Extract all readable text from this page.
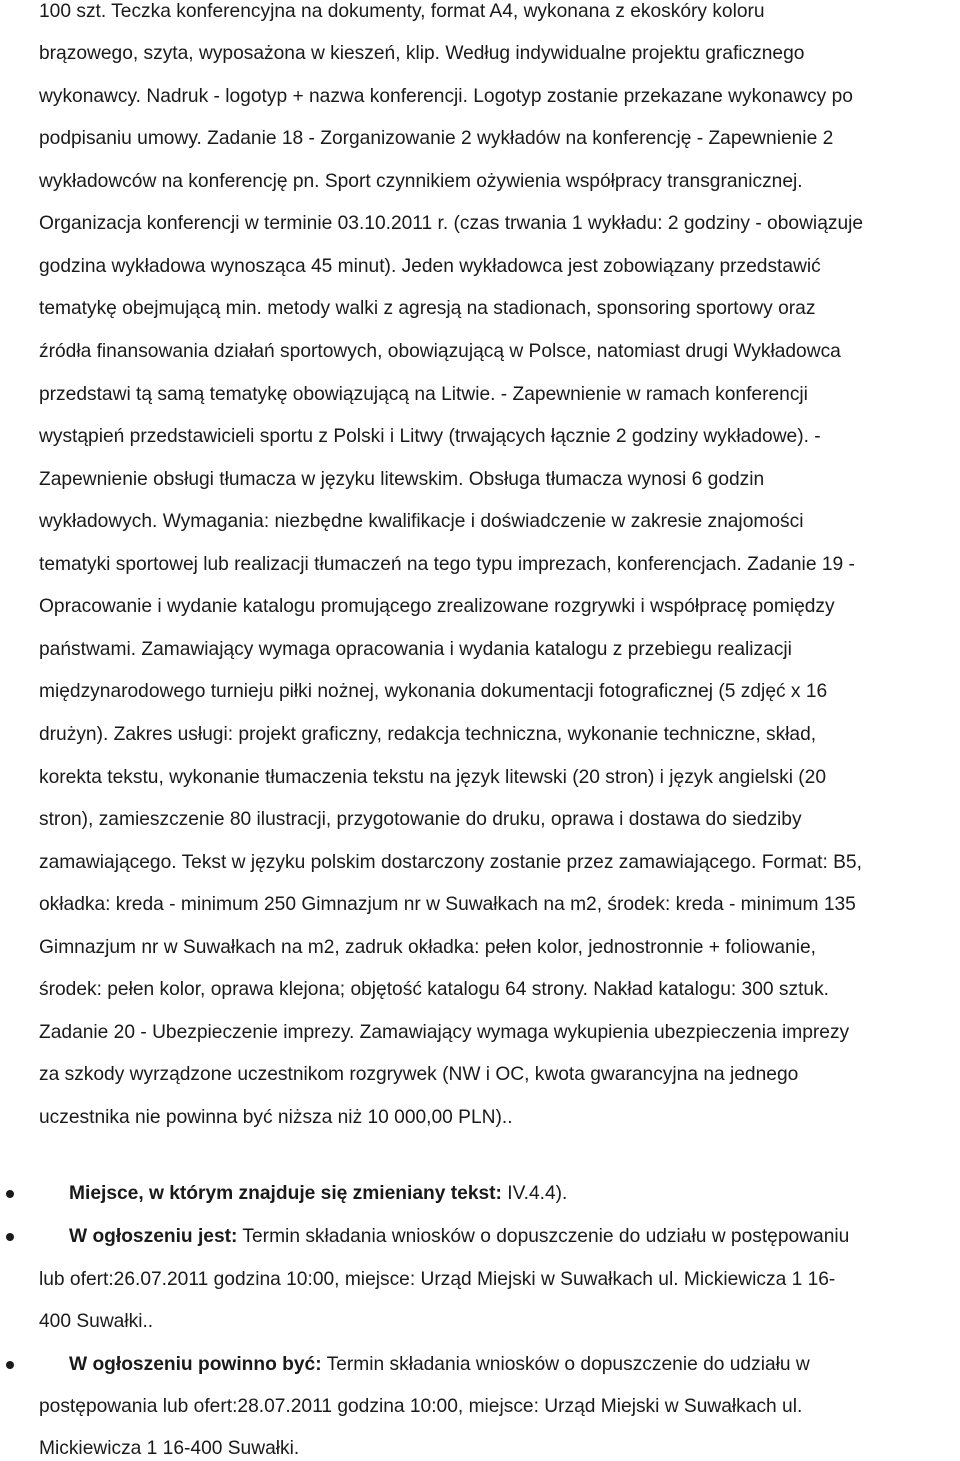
100 szt. Teczka konferencyjna na dokumenty, format A4, wykonana z ekoskóry koloru
brązowego, szyta, wyposażona w kieszeń, klip. Według indywidualne projektu graficznego
wykonawcy. Nadruk - logotyp + nazwa konferencji. Logotyp zostanie przekazane wykonawcy po
podpisaniu umowy. Zadanie 18 - Zorganizowanie 2 wykładów na konferencję - Zapewnienie 2
wykładowców na konferencję pn. Sport czynnikiem ożywienia współpracy transgranicznej.
Organizacja konferencji w terminie 03.10.2011 r. (czas trwania 1 wykładu: 2 godziny - obowiązuje
godzina wykładowa wynosząca 45 minut). Jeden wykładowca jest zobowiązany przedstawić
tematykę obejmującą min. metody walki z agresją na stadionach, sponsoring sportowy oraz
źródła finansowania działań sportowych, obowiązującą w Polsce, natomiast drugi Wykładowca
przedstawi tą samą tematykę obowiązującą na Litwie. - Zapewnienie w ramach konferencji
wystąpień przedstawicieli sportu z Polski i Litwy (trwających łącznie 2 godziny wykładowe). -
Zapewnienie obsługi tłumacza w języku litewskim. Obsługa tłumacza wynosi 6 godzin
wykładowych. Wymagania: niezbędne kwalifikacje i doświadczenie w zakresie znajomości
tematyki sportowej lub realizacji tłumaczeń na tego typu imprezach, konferencjach. Zadanie 19 -
Opracowanie i wydanie katalogu promującego zrealizowane rozgrywki i współpracę pomiędzy
państwami. Zamawiający wymaga opracowania i wydania katalogu z przebiegu realizacji
międzynarodowego turnieju piłki nożnej, wykonania dokumentacji fotograficznej (5 zdjęć x 16
drużyn). Zakres usługi: projekt graficzny, redakcja techniczna, wykonanie techniczne, skład,
korekta tekstu, wykonanie tłumaczenia tekstu na język litewski (20 stron) i język angielski (20
stron), zamieszczenie 80 ilustracji, przygotowanie do druku, oprawa i dostawa do siedziby
zamawiającego. Tekst w języku polskim dostarczony zostanie przez zamawiającego. Format: B5,
okładka: kreda - minimum 250 Gimnazjum nr w Suwałkach na m2, środek: kreda - minimum 135
Gimnazjum nr w Suwałkach na m2, zadruk okładka: pełen kolor, jednostronnie + foliowanie,
środek: pełen kolor, oprawa klejona; objętość katalogu 64 strony. Nakład katalogu: 300 sztuk.
Zadanie 20 - Ubezpieczenie imprezy. Zamawiający wymaga wykupienia ubezpieczenia imprezy
za szkody wyrządzone uczestnikom rozgrywek (NW i OC, kwota gwarancyjna na jednego
uczestnika nie powinna być niższa niż 10 000,00 PLN)..
Miejsce, w którym znajduje się zmieniany tekst: IV.4.4).
W ogłoszeniu jest: Termin składania wniosków o dopuszczenie do udziału w postępowaniu
lub ofert:26.07.2011 godzina 10:00, miejsce: Urząd Miejski w Suwałkach ul. Mickiewicza 1 16-
400 Suwałki..
W ogłoszeniu powinno być: Termin składania wniosków o dopuszczenie do udziału w
postępowania lub ofert:28.07.2011 godzina 10:00, miejsce: Urząd Miejski w Suwałkach ul.
Mickiewicza 1 16-400 Suwałki.
